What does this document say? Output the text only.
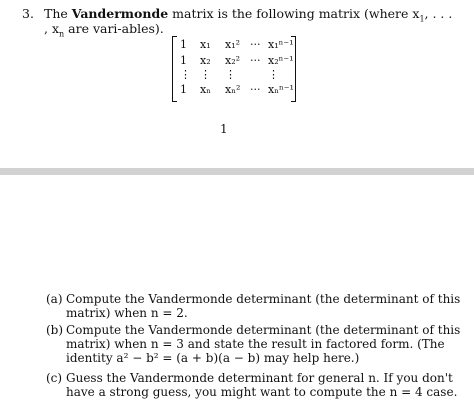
3. The Vandermonde matrix is the following matrix (where $x_1$, . . . , $x_n$ are vari-ables).
1 x₁ x₁² ··· x₁ⁿ⁻¹
1 x₂ x₂² ··· x₂ⁿ⁻¹
⋮ ⋮ ⋮	⋮
1 xₙ xₙ² ··· xₙⁿ⁻¹
1
(a) Compute the Vandermonde determinant (the determinant of this matrix) when n = 2.
(b) Compute the Vandermonde determinant (the determinant of this matrix) when n = 3 and state the result in factored form. (The identity a² − b² = (a + b)(a − b) may help here.)
(c) Guess the Vandermonde determinant for general n. If you don't have a strong guess, you might want to compute the n = 4 case.
